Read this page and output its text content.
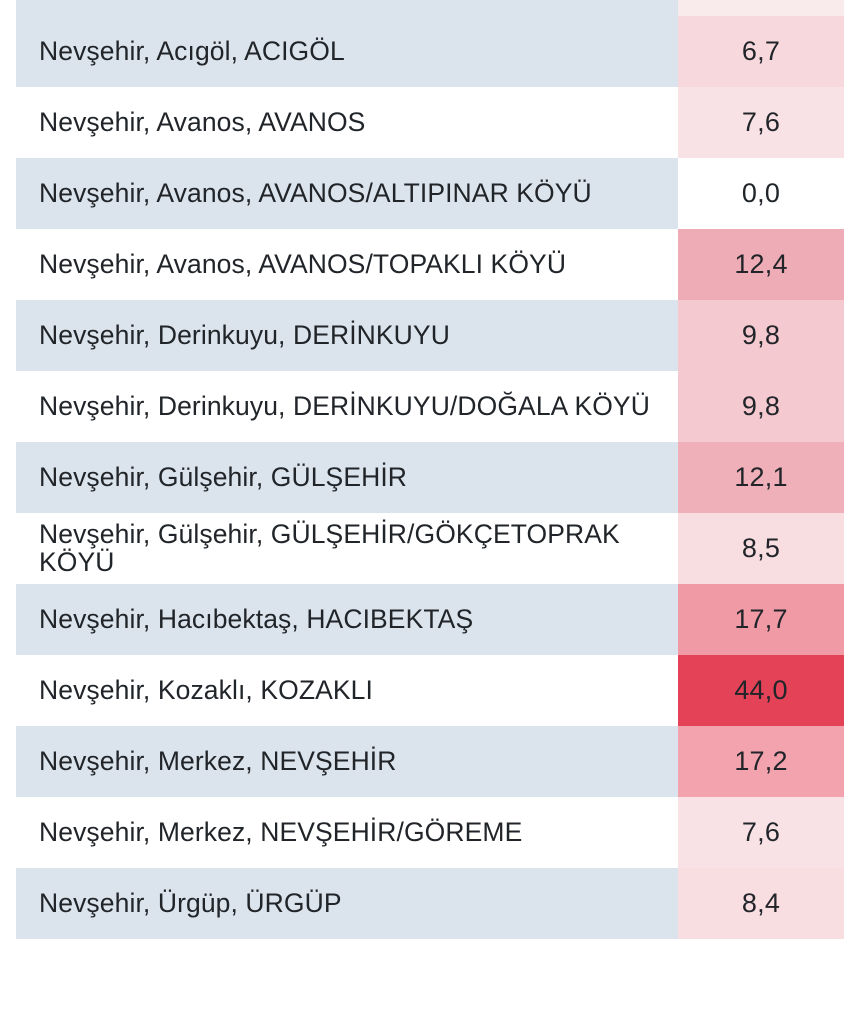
Nevşehir, Acıgöl, ACIGÖL	6,7
Nevşehir, Avanos, AVANOS	7,6
Nevşehir, Avanos, AVANOS/ALTIPINAR KÖYÜ	0,0
Nevşehir, Avanos, AVANOS/TOPAKLI KÖYÜ	12,4
Nevşehir, Derinkuyu, DERİNKUYU	9,8
Nevşehir, Derinkuyu, DERİNKUYU/DOĞALA KÖYÜ	9,8
Nevşehir, Gülşehir, GÜLŞEHİR	12,1
Nevşehir, Gülşehir, GÜLŞEHİR/GÖKÇETOPRAK KÖYÜ	8,5
Nevşehir, Hacıbektaş, HACIBEKTAŞ	17,7
Nevşehir, Kozaklı, KOZAKLI	44,0
Nevşehir, Merkez, NEVŞEHİR	17,2
Nevşehir, Merkez, NEVŞEHİR/GÖREME	7,6
Nevşehir, Ürgüp, ÜRGÜP	8,4
